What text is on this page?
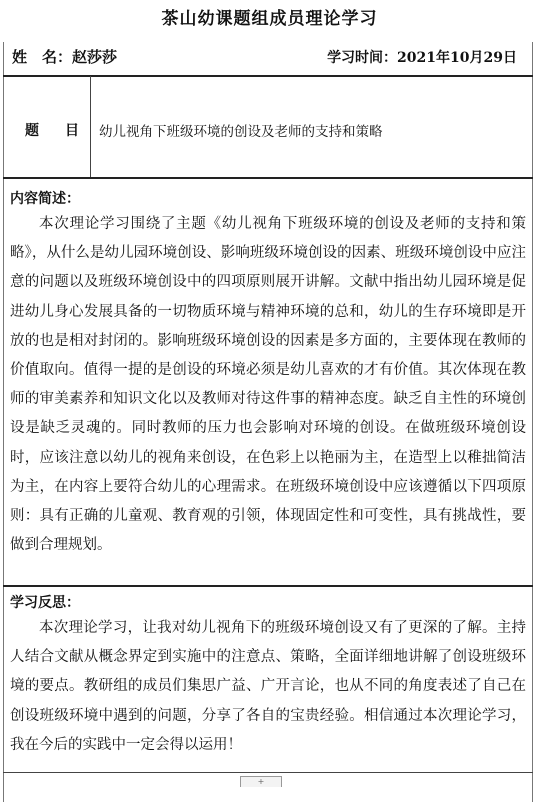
茶山幼课题组成员理论学习
姓　名：赵莎莎	学习时间：2021年10月29日
题目
幼儿视角下班级环境的创设及老师的支持和策略
内容简述：

本次理论学习围绕了主题《幼儿视角下班级环境的创设及老师的支持和策略》，从什么是幼儿园环境创设、影响班级环境创设的因素、班级环境创设中应注意的问题以及班级环境创设中的四项原则展开讲解。文献中指出幼儿园环境是促进幼儿身心发展具备的一切物质环境与精神环境的总和，幼儿的生存环境即是开放的也是相对封闭的。影响班级环境创设的因素是多方面的，主要体现在教师的价值取向。值得一提的是创设的环境必须是幼儿喜欢的才有价值。其次体现在教师的审美素养和知识文化以及教师对待这件事的精神态度。缺乏自主性的环境创设是缺乏灵魂的。同时教师的压力也会影响对环境的创设。在做班级环境创设时，应该注意以幼儿的视角来创设，在色彩上以艳丽为主，在造型上以稚拙简洁为主，在内容上要符合幼儿的心理需求。在班级环境创设中应该遵循以下四项原则：具有正确的儿童观、教育观的引领，体现固定性和可变性，具有挑战性，要做到合理规划。

学习反思：

本次理论学习，让我对幼儿视角下的班级环境创设又有了更深的了解。主持人结合文献从概念界定到实施中的注意点、策略，全面详细地讲解了创设班级环境的要点。教研组的成员们集思广益、广开言论，也从不同的角度表述了自己在创设班级环境中遇到的问题，分享了各自的宝贵经验。相信通过本次理论学习，我在今后的实践中一定会得以运用！

+
